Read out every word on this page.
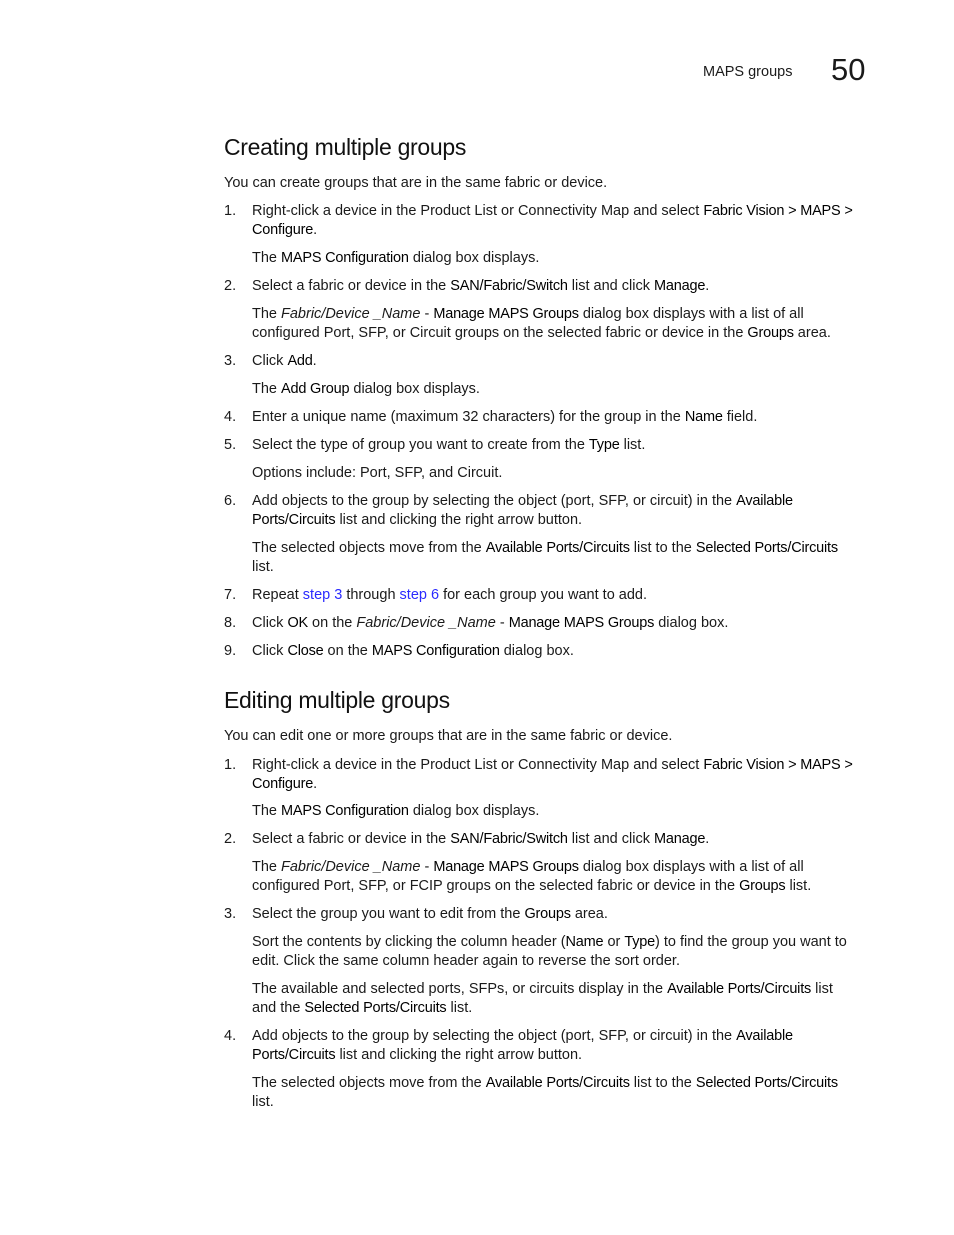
MAPS groups 50
Creating multiple groups

You can create groups that are in the same fabric or device.

1. Right-click a device in the Product List or Connectivity Map and select Fabric Vision > MAPS >
Configure.

The MAPS Configuration dialog box displays.

2. Select a fabric or device in the SAN/Fabric/Switch list and click Manage.

The Fabric/Device _Name - Manage MAPS Groups dialog box displays with a list of all
configured Port, SFP, or Circuit groups on the selected fabric or device in the Groups area.

3. Click Add.

The Add Group dialog box displays.

4. Enter a unique name (maximum 32 characters) for the group in the Name field.

5. Select the type of group you want to create from the Type list.

Options include: Port, SFP, and Circuit.

6. Add objects to the group by selecting the object (port, SFP, or circuit) in the Available
Ports/Circuits list and clicking the right arrow button.

The selected objects move from the Available Ports/Circuits list to the Selected Ports/Circuits
list.

7. Repeat step 3 through step 6 for each group you want to add.

8. Click OK on the Fabric/Device _Name - Manage MAPS Groups dialog box.

9. Click Close on the MAPS Configuration dialog box.

Editing multiple groups

You can edit one or more groups that are in the same fabric or device.

1. Right-click a device in the Product List or Connectivity Map and select Fabric Vision > MAPS >
Configure.

The MAPS Configuration dialog box displays.

2. Select a fabric or device in the SAN/Fabric/Switch list and click Manage.

The Fabric/Device _Name - Manage MAPS Groups dialog box displays with a list of all
configured Port, SFP, or FCIP groups on the selected fabric or device in the Groups list.

3. Select the group you want to edit from the Groups area.

Sort the contents by clicking the column header (Name or Type) to find the group you want to
edit. Click the same column header again to reverse the sort order.

The available and selected ports, SFPs, or circuits display in the Available Ports/Circuits list
and the Selected Ports/Circuits list.

4. Add objects to the group by selecting the object (port, SFP, or circuit) in the Available
Ports/Circuits list and clicking the right arrow button.

The selected objects move from the Available Ports/Circuits list to the Selected Ports/Circuits
list.
